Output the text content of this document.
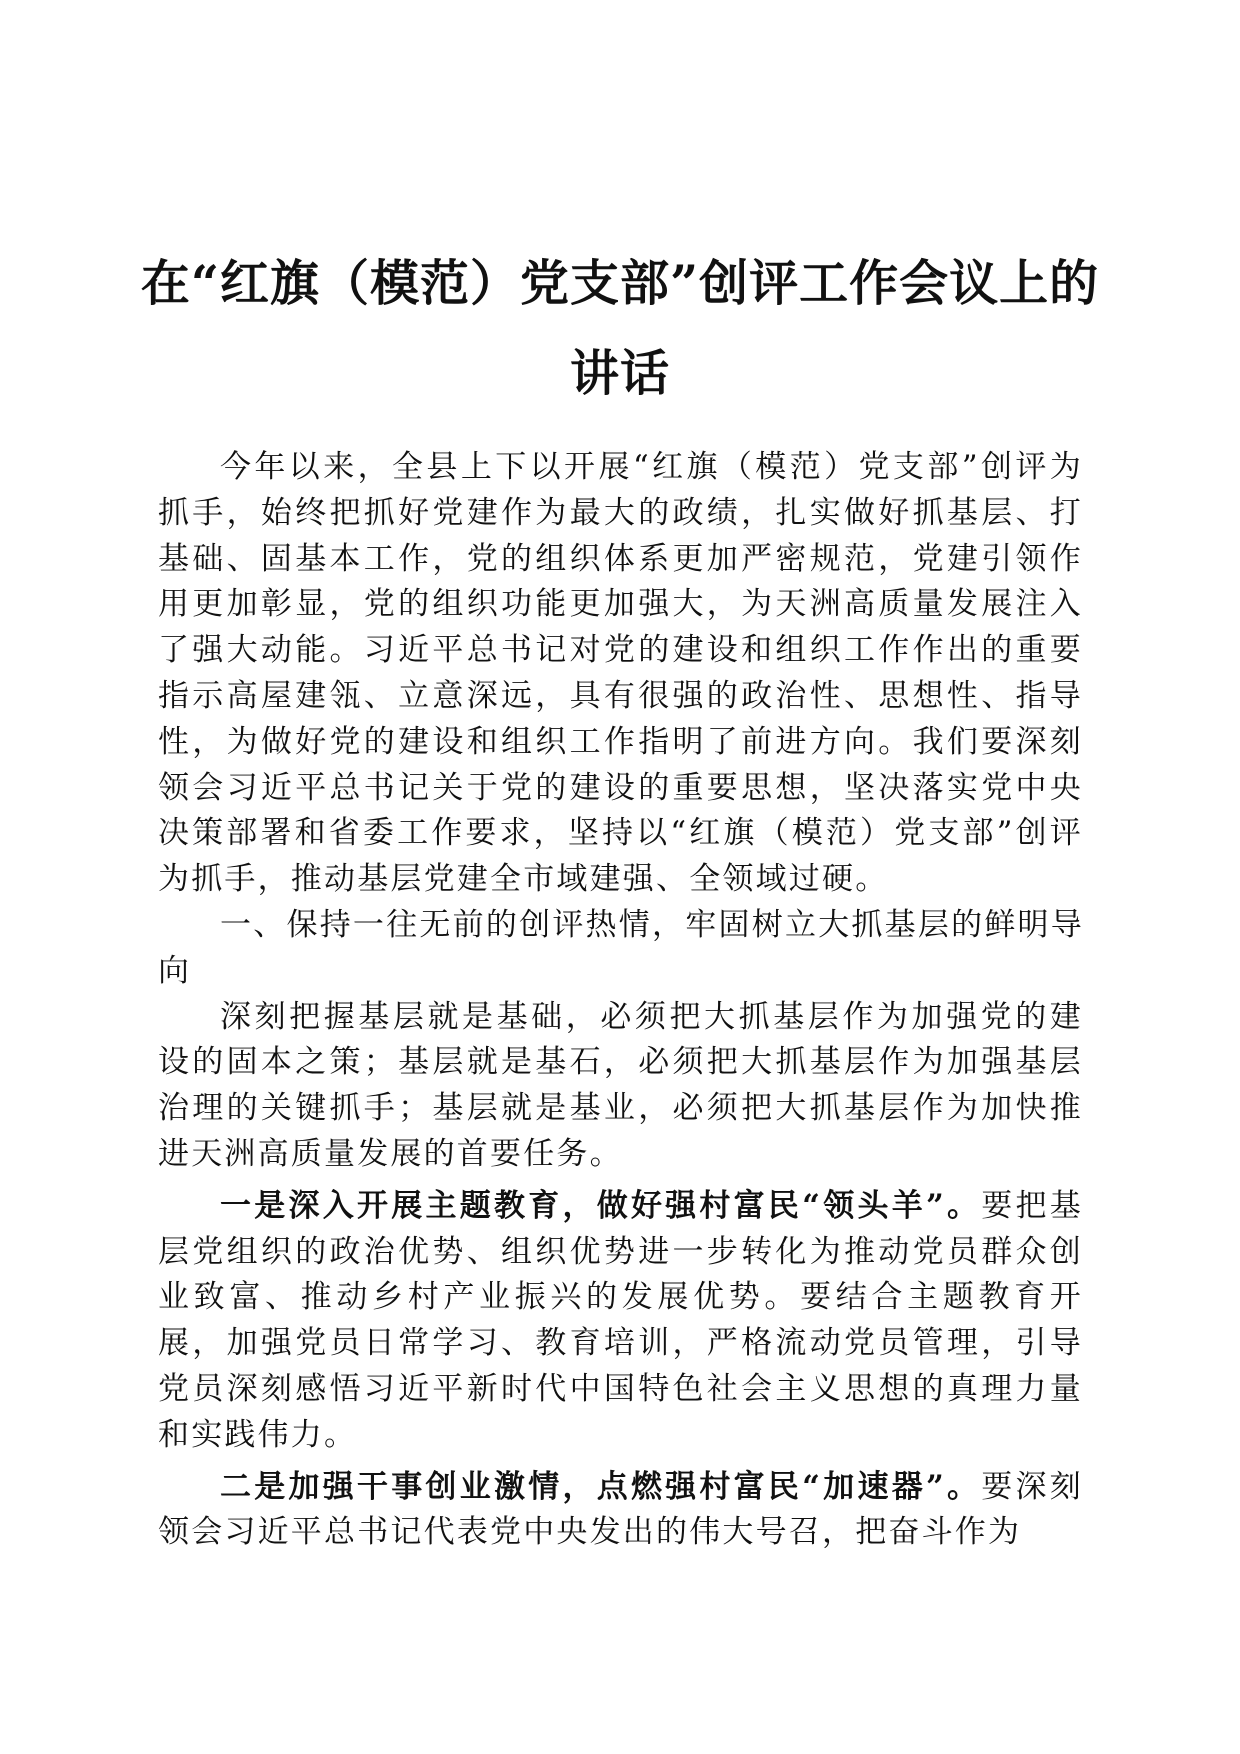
在“红旗（模范）党支部”创评工作会议上的
讲话

今年以来，全县上下以开展“红旗（模范）党支部”创评为抓手，始终把抓好党建作为最大的政绩，扎实做好抓基层、打基础、固基本工作，党的组织体系更加严密规范，党建引领作用更加彰显，党的组织功能更加强大，为天洲高质量发展注入了强大动能。习近平总书记对党的建设和组织工作作出的重要指示高屋建瓴、立意深远，具有很强的政治性、思想性、指导性，为做好党的建设和组织工作指明了前进方向。我们要深刻领会习近平总书记关于党的建设的重要思想，坚决落实党中央决策部署和省委工作要求，坚持以“红旗（模范）党支部”创评为抓手，推动基层党建全市域建强、全领域过硬。

一、保持一往无前的创评热情，牢固树立大抓基层的鲜明导向

深刻把握基层就是基础，必须把大抓基层作为加强党的建设的固本之策；基层就是基石，必须把大抓基层作为加强基层治理的关键抓手；基层就是基业，必须把大抓基层作为加快推进天洲高质量发展的首要任务。

一是深入开展主题教育，做好强村富民“领头羊”。要把基层党组织的政治优势、组织优势进一步转化为推动党员群众创业致富、推动乡村产业振兴的发展优势。要结合主题教育开展，加强党员日常学习、教育培训，严格流动党员管理，引导党员深刻感悟习近平新时代中国特色社会主义思想的真理力量和实践伟力。

二是加强干事创业激情，点燃强村富民“加速器”。要深刻领会习近平总书记代表党中央发出的伟大号召，把奋斗作为
